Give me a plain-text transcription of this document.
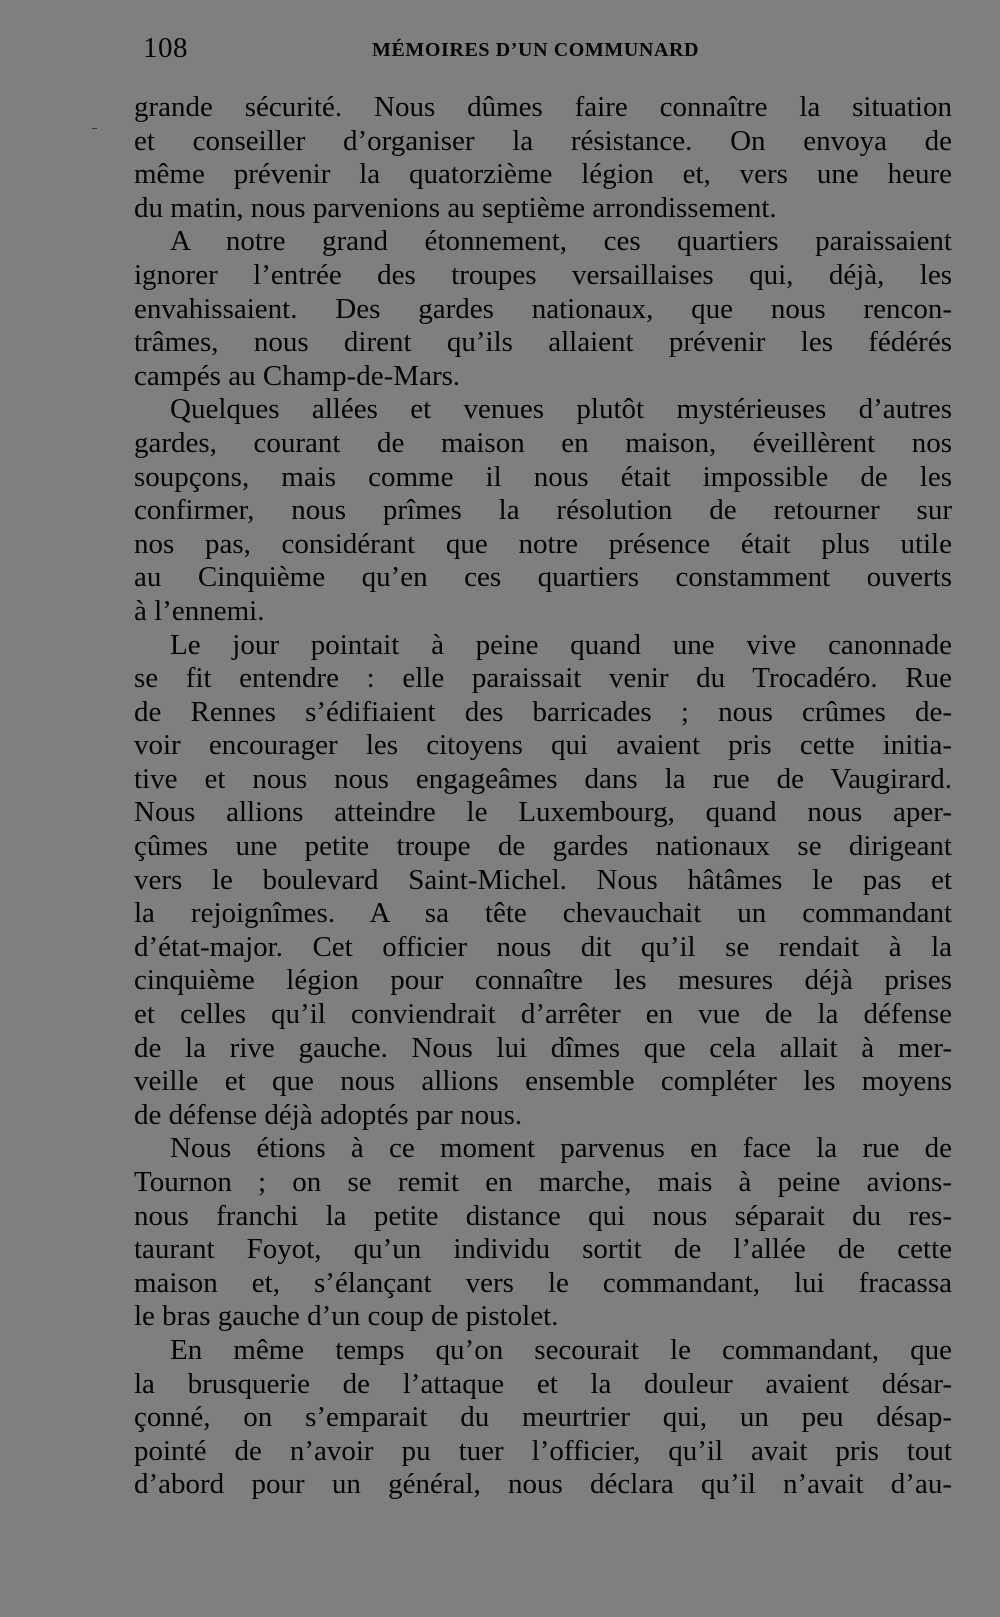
108	MÉMOIRES D’UN COMMUNARD
grande sécurité. Nous dûmes faire connaître la situation
et conseiller d’organiser la résistance. On envoya de
même prévenir la quatorzième légion et, vers une heure
du matin, nous parvenions au septième arrondissement.
A notre grand étonnement, ces quartiers paraissaient
ignorer l’entrée des troupes versaillaises qui, déjà, les
envahissaient. Des gardes nationaux, que nous rencon-
trâmes, nous dirent qu’ils allaient prévenir les fédérés
campés au Champ-de-Mars.
Quelques allées et venues plutôt mystérieuses d’autres
gardes, courant de maison en maison, éveillèrent nos
soupçons, mais comme il nous était impossible de les
confirmer, nous prîmes la résolution de retourner sur
nos pas, considérant que notre présence était plus utile
au Cinquième qu’en ces quartiers constamment ouverts
à l’ennemi.
Le jour pointait à peine quand une vive canonnade
se fit entendre : elle paraissait venir du Trocadéro. Rue
de Rennes s’édifiaient des barricades ; nous crûmes de-
voir encourager les citoyens qui avaient pris cette initia-
tive et nous nous engageâmes dans la rue de Vaugirard.
Nous allions atteindre le Luxembourg, quand nous aper-
çûmes une petite troupe de gardes nationaux se dirigeant
vers le boulevard Saint-Michel. Nous hâtâmes le pas et
la rejoignîmes. A sa tête chevauchait un commandant
d’état-major. Cet officier nous dit qu’il se rendait à la
cinquième légion pour connaître les mesures déjà prises
et celles qu’il conviendrait d’arrêter en vue de la défense
de la rive gauche. Nous lui dîmes que cela allait à mer-
veille et que nous allions ensemble compléter les moyens
de défense déjà adoptés par nous.
Nous étions à ce moment parvenus en face la rue de
Tournon ; on se remit en marche, mais à peine avions-
nous franchi la petite distance qui nous séparait du res-
taurant Foyot, qu’un individu sortit de l’allée de cette
maison et, s’élançant vers le commandant, lui fracassa
le bras gauche d’un coup de pistolet.
En même temps qu’on secourait le commandant, que
la brusquerie de l’attaque et la douleur avaient désar-
çonné, on s’emparait du meurtrier qui, un peu désap-
pointé de n’avoir pu tuer l’officier, qu’il avait pris tout
d’abord pour un général, nous déclara qu’il n’avait d’au-
